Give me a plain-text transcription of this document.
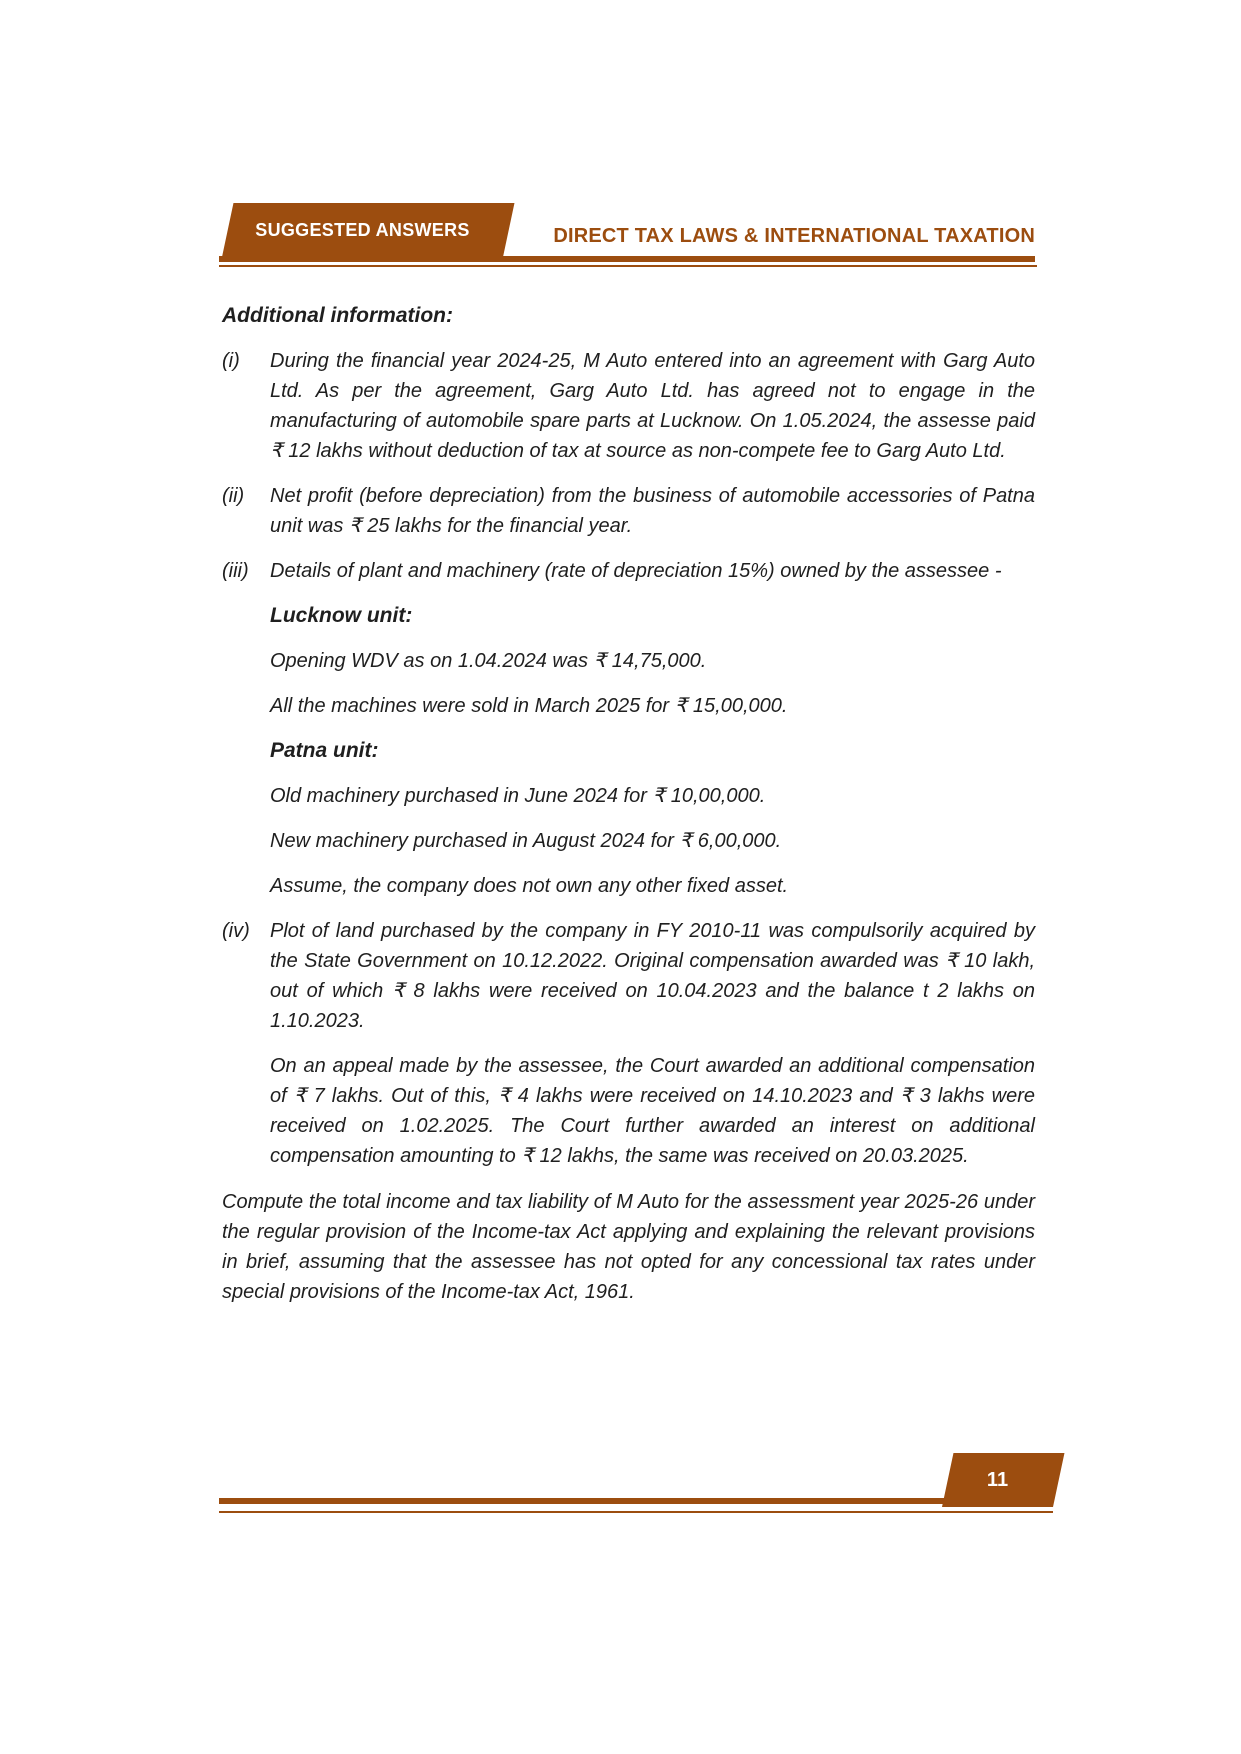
SUGGESTED ANSWERS	DIRECT TAX LAWS & INTERNATIONAL TAXATION
Additional information:
(i) During the financial year 2024-25, M Auto entered into an agreement with Garg Auto Ltd. As per the agreement, Garg Auto Ltd. has agreed not to engage in the manufacturing of automobile spare parts at Lucknow. On 1.05.2024, the assesse paid ₹ 12 lakhs without deduction of tax at source as non-compete fee to Garg Auto Ltd.
(ii) Net profit (before depreciation) from the business of automobile accessories of Patna unit was ₹ 25 lakhs for the financial year.
(iii) Details of plant and machinery (rate of depreciation 15%) owned by the assessee -
Lucknow unit:
Opening WDV as on 1.04.2024 was ₹ 14,75,000.
All the machines were sold in March 2025 for ₹ 15,00,000.
Patna unit:
Old machinery purchased in June 2024 for ₹ 10,00,000.
New machinery purchased in August 2024 for ₹ 6,00,000.
Assume, the company does not own any other fixed asset.
(iv) Plot of land purchased by the company in FY 2010-11 was compulsorily acquired by the State Government on 10.12.2022. Original compensation awarded was ₹ 10 lakh, out of which ₹ 8 lakhs were received on 10.04.2023 and the balance t 2 lakhs on 1.10.2023.
On an appeal made by the assessee, the Court awarded an additional compensation of ₹ 7 lakhs. Out of this, ₹ 4 lakhs were received on 14.10.2023 and ₹ 3 lakhs were received on 1.02.2025. The Court further awarded an interest on additional compensation amounting to ₹ 12 lakhs, the same was received on 20.03.2025.
Compute the total income and tax liability of M Auto for the assessment year 2025-26 under the regular provision of the Income-tax Act applying and explaining the relevant provisions in brief, assuming that the assessee has not opted for any concessional tax rates under special provisions of the Income-tax Act, 1961.
11
